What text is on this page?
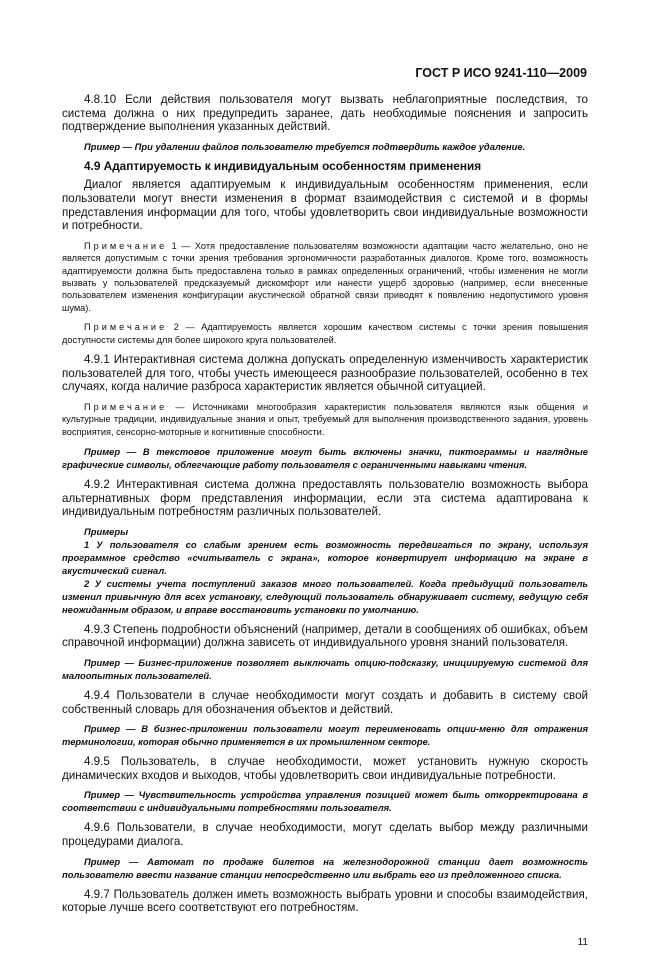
ГОСТ Р ИСО 9241-110—2009
4.8.10 Если действия пользователя могут вызвать неблагоприятные последствия, то система должна о них предупредить заранее, дать необходимые пояснения и запросить подтверждение выполнения указанных действий.
Пример — При удалении файлов пользователю требуется подтвердить каждое удаление.
4.9 Адаптируемость к индивидуальным особенностям применения
Диалог является адаптируемым к индивидуальным особенностям применения, если пользователи могут внести изменения в формат взаимодействия с системой и в формы представления информации для того, чтобы удовлетворить свои индивидуальные возможности и потребности.
Примечание 1 — Хотя предоставление пользователям возможности адаптации часто желательно, оно не является допустимым с точки зрения требования эргономичности разработанных диалогов. Кроме того, возможность адаптируемости должна быть предоставлена только в рамках определенных ограничений, чтобы изменения не могли вызвать у пользователей предсказуемый дискомфорт или нанести ущерб здоровью (например, если внесенные пользователем изменения конфигурации акустической обратной связи приводят к появлению недопустимого уровня шума).
Примечание 2 — Адаптируемость является хорошим качеством системы с точки зрения повышения доступности системы для более широкого круга пользователей.
4.9.1 Интерактивная система должна допускать определенную изменчивость характеристик пользователей для того, чтобы учесть имеющееся разнообразие пользователей, особенно в тех случаях, когда наличие разброса характеристик является обычной ситуацией.
Примечание — Источниками многообразия характеристик пользователя являются язык общения и культурные традиции, индивидуальные знания и опыт, требуемый для выполнения производственного задания, уровень восприятия, сенсорно-моторные и когнитивные способности.
Пример — В текстовое приложение могут быть включены значки, пиктограммы и наглядные графические символы, облегчающие работу пользователя с ограниченными навыками чтения.
4.9.2 Интерактивная система должна предоставлять пользователю возможность выбора альтернативных форм представления информации, если эта система адаптирована к индивидуальным потребностям различных пользователей.
Примеры
1 У пользователя со слабым зрением есть возможность передвигаться по экрану, используя программное средство «считыватель с экрана», которое конвертирует информацию на экране в акустический сигнал.
2 У системы учета поступлений заказов много пользователей. Когда предыдущий пользователь изменил привычную для всех установку, следующий пользователь обнаруживает систему, ведущую себя неожиданным образом, и вправе восстановить установки по умолчанию.
4.9.3 Степень подробности объяснений (например, детали в сообщениях об ошибках, объем справочной информации) должна зависеть от индивидуального уровня знаний пользователя.
Пример — Бизнес-приложение позволяет выключать опцию-подсказку, инициируемую системой для малоопытных пользователей.
4.9.4 Пользователи в случае необходимости могут создать и добавить в систему свой собственный словарь для обозначения объектов и действий.
Пример — В бизнес-приложении пользователи могут переименовать опции-меню для отражения терминологии, которая обычно применяется в их промышленном секторе.
4.9.5 Пользователь, в случае необходимости, может установить нужную скорость динамических входов и выходов, чтобы удовлетворить свои индивидуальные потребности.
Пример — Чувствительность устройства управления позицией может быть откорректирована в соответствии с индивидуальными потребностями пользователя.
4.9.6 Пользователи, в случае необходимости, могут сделать выбор между различными процедурами диалога.
Пример — Автомат по продаже билетов на железнодорожной станции дает возможность пользователю ввести название станции непосредственно или выбрать его из предложенного списка.
4.9.7 Пользователь должен иметь возможность выбрать уровни и способы взаимодействия, которые лучше всего соответствуют его потребностям.
11
